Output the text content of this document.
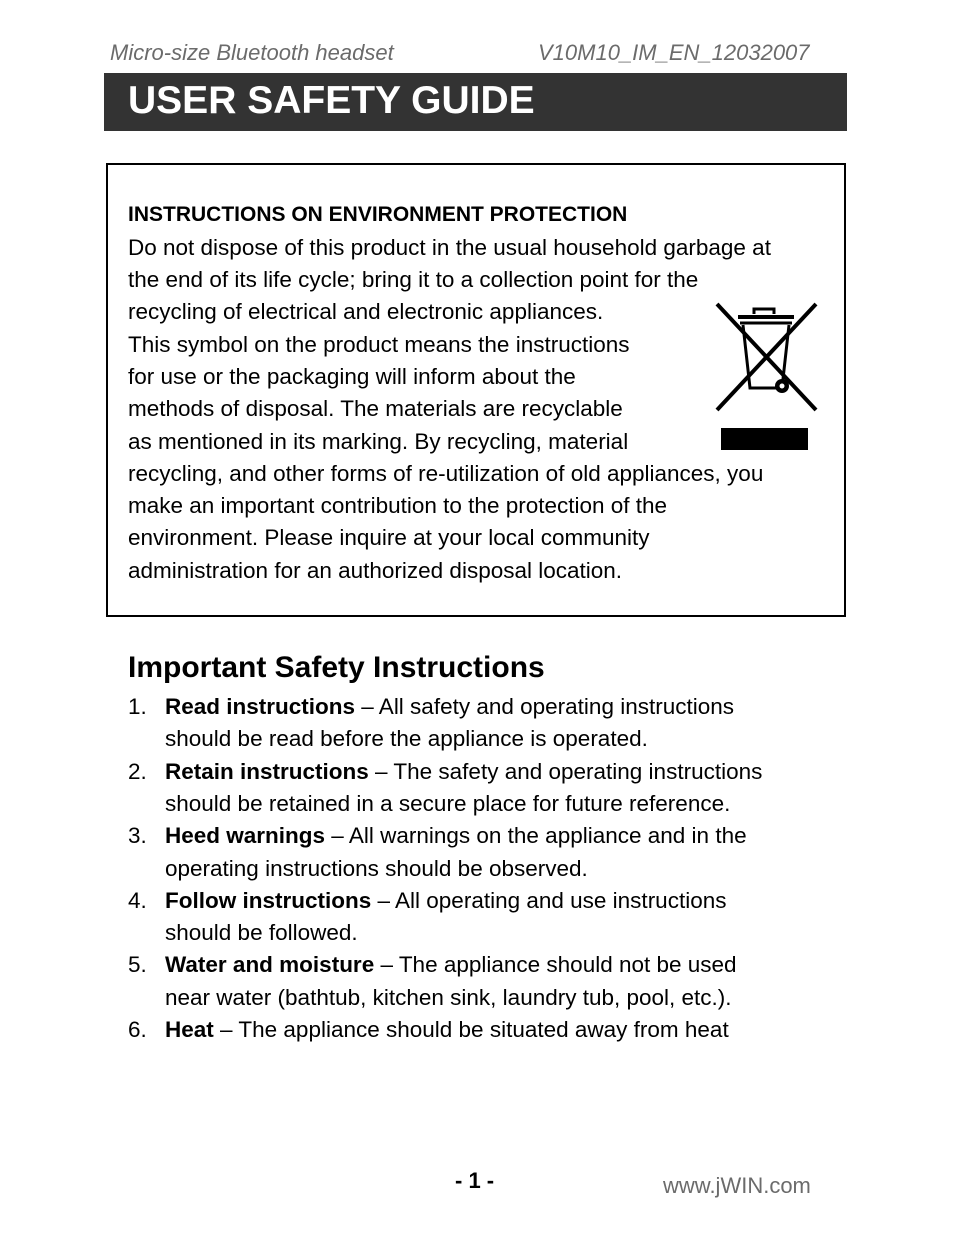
Micro-size Bluetooth headset	V10M10_IM_EN_12032007
USER SAFETY GUIDE
INSTRUCTIONS ON ENVIRONMENT PROTECTION
Do not dispose of this product in the usual household garbage at
the end of its life cycle; bring it to a collection point for the
recycling of electrical and electronic appliances.
This symbol on the product means the instructions
for use or the packaging will inform about the
methods of disposal. The materials are recyclable
as mentioned in its marking. By recycling, material
recycling, and other forms of re-utilization of old appliances, you
make an important contribution to the protection of the
environment. Please inquire at your local community
administration for an authorized disposal location.
Important Safety Instructions
1. Read instructions – All safety and operating instructions
should be read before the appliance is operated.
2. Retain instructions – The safety and operating instructions
should be retained in a secure place for future reference.
3. Heed warnings – All warnings on the appliance and in the
operating instructions should be observed.
4. Follow instructions – All operating and use instructions
should be followed.
5. Water and moisture – The appliance should not be used
near water (bathtub, kitchen sink, laundry tub, pool, etc.).
6. Heat – The appliance should be situated away from heat
- 1 -	www.jWIN.com
